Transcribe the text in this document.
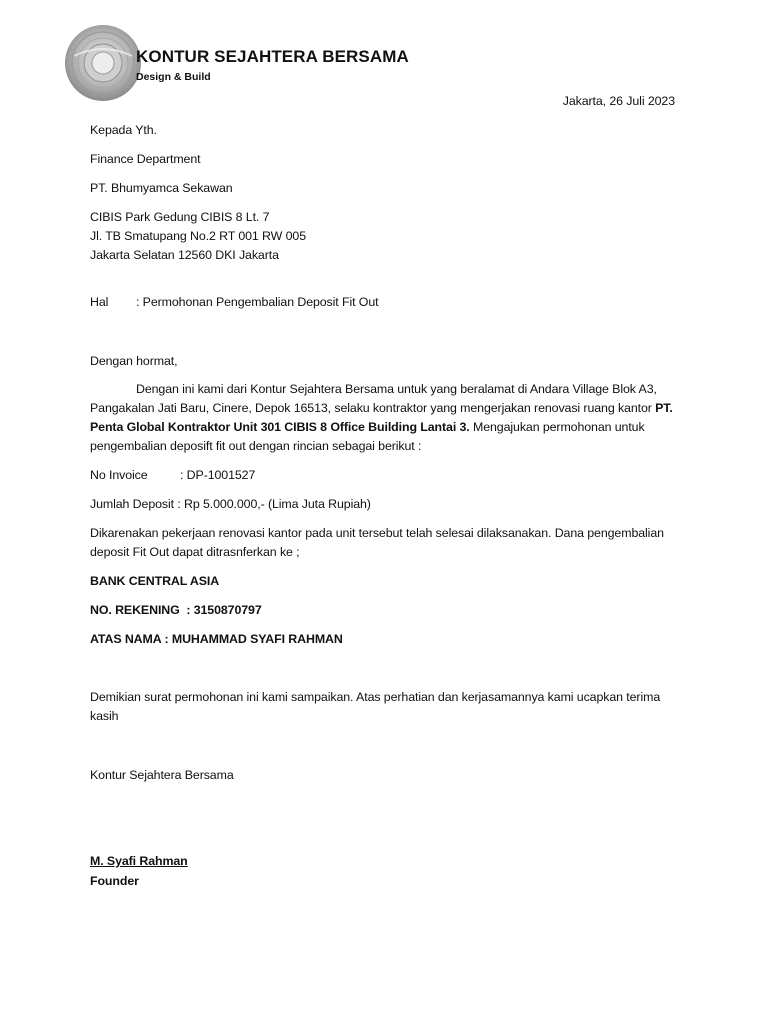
KONTUR SEJAHTERA BERSAMA
Design & Build
Jakarta, 26 Juli 2023
Kepada Yth.
Finance Department
PT. Bhumyamca Sekawan
CIBIS Park Gedung CIBIS 8 Lt. 7
Jl. TB Smatupang No.2 RT 001 RW 005
Jakarta Selatan 12560 DKI Jakarta
Hal : Permohonan Pengembalian Deposit Fit Out
Dengan hormat,
Dengan ini kami dari Kontur Sejahtera Bersama untuk yang beralamat di Andara Village Blok A3, Pangakalan Jati Baru, Cinere, Depok 16513, selaku kontraktor yang mengerjakan renovasi ruang kantor PT. Penta Global Kontraktor Unit 301 CIBIS 8 Office Building Lantai 3. Mengajukan permohonan untuk pengembalian deposift fit out dengan rincian sebagai berikut :
No Invoice	: DP-1001527
Jumlah Deposit : Rp 5.000.000,- (Lima Juta Rupiah)
Dikarenakan pekerjaan renovasi kantor pada unit tersebut telah selesai dilaksanakan. Dana pengembalian deposit Fit Out dapat ditrasnferkan ke ;
BANK CENTRAL ASIA
NO. REKENING  : 3150870797
ATAS NAMA : MUHAMMAD SYAFI RAHMAN
Demikian surat permohonan ini kami sampaikan. Atas perhatian dan kerjasamannya kami ucapkan terima kasih
Kontur Sejahtera Bersama
M. Syafi Rahman
Founder
